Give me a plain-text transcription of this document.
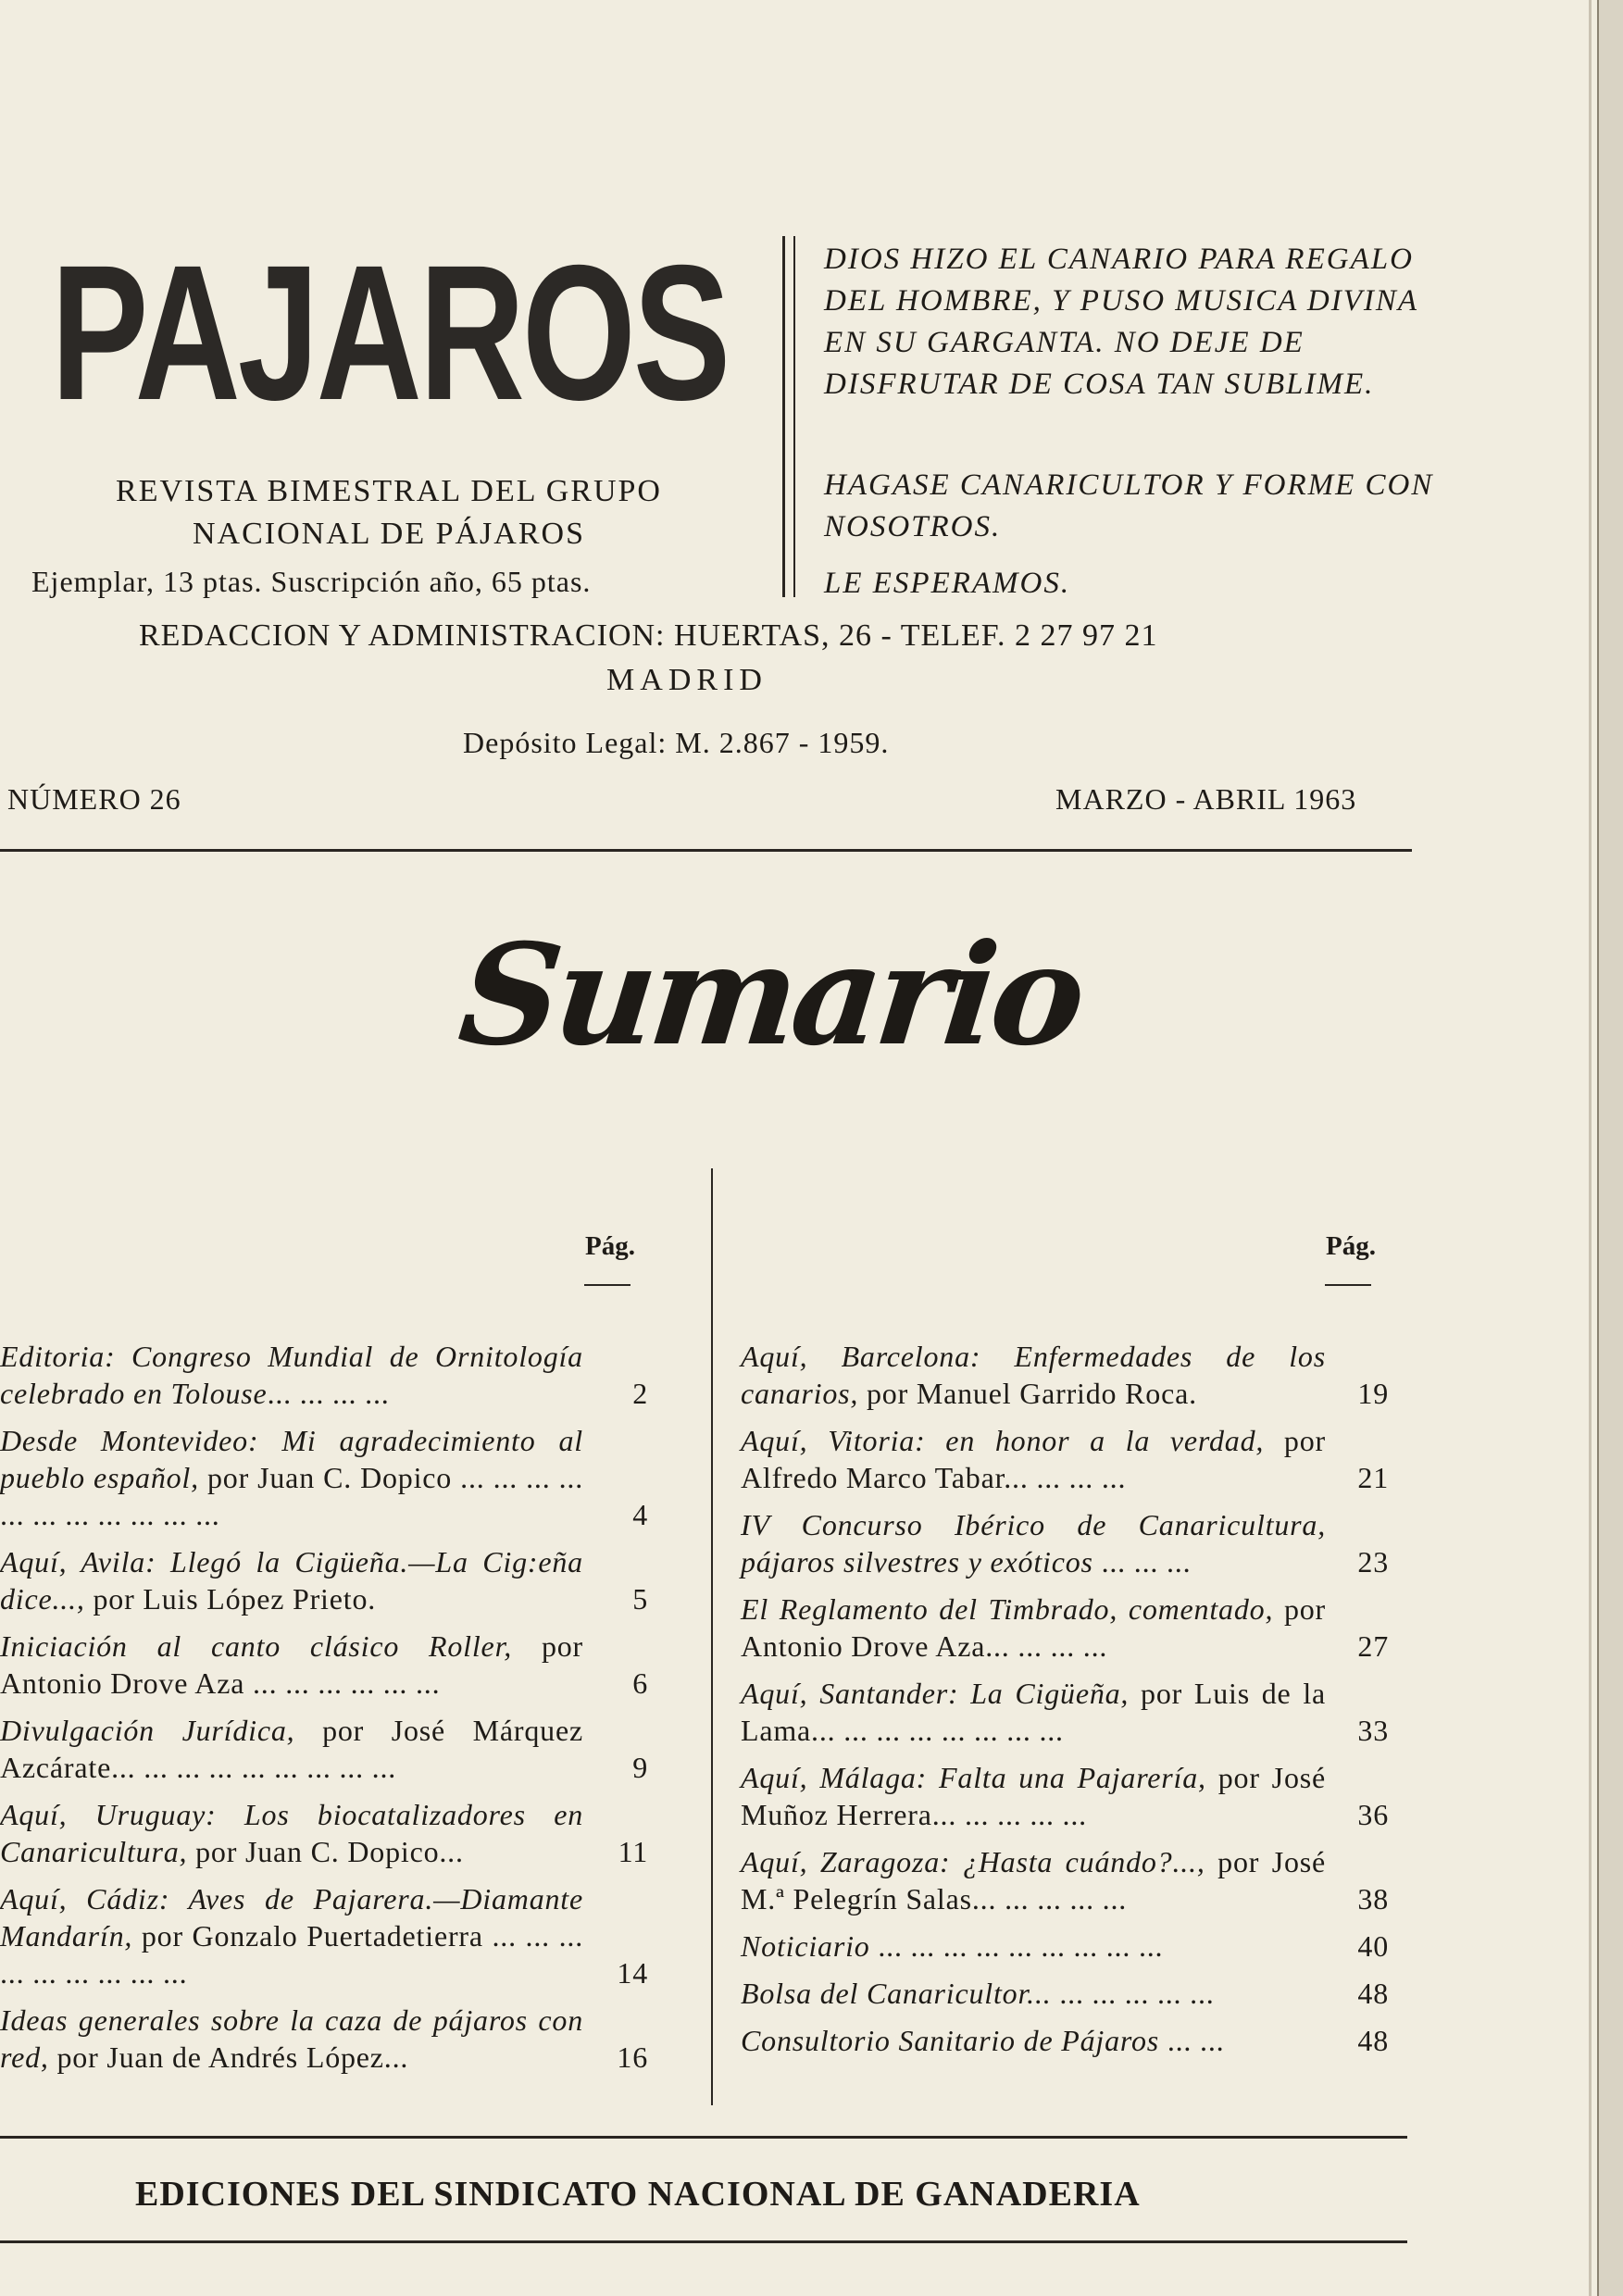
PAJAROS
REVISTA BIMESTRAL DEL GRUPO
NACIONAL DE PÁJAROS
Ejemplar, 13 ptas. Suscripción año, 65 ptas.
DIOS HIZO EL CANARIO PARA REGALO DEL HOMBRE, Y PUSO MUSICA DIVINA EN SU GARGANTA. NO DEJE DE DISFRUTAR DE COSA TAN SUBLIME.
HAGASE CANARICULTOR Y FORME CON NOSOTROS.
LE ESPERAMOS.
REDACCION Y ADMINISTRACION: HUERTAS, 26 - TELEF. 2 27 97 21
MADRID
Depósito Legal: M. 2.867 - 1959.
NÚMERO 26	MARZO - ABRIL 1963
Sumario
Pág.	Pág.
Editoria: Congreso Mundial de Ornitología celebrado en Tolouse... ... ... ...	2
Desde Montevideo: Mi agradecimiento al pueblo español, por Juan C. Dopico ... ... ... ... ... ... ... ... ... ... ...	4
Aquí, Avila: Llegó la Cigüeña.—La Cig:eña dice..., por Luis López Prieto.	5
Iniciación al canto clásico Roller, por Antonio Drove Aza ... ... ... ... ... ...	6
Divulgación Jurídica, por José Márquez Azcárate... ... ... ... ... ... ... ... ...	9
Aquí, Uruguay: Los biocatalizadores en Canaricultura, por Juan C. Dopico...	11
Aquí, Cádiz: Aves de Pajarera.—Diamante Mandarín, por Gonzalo Puertadetierra ... ... ... ... ... ... ... ... ...	14
Ideas generales sobre la caza de pájaros con red, por Juan de Andrés López...	16
Aquí, Barcelona: Enfermedades de los canarios, por Manuel Garrido Roca.	19
Aquí, Vitoria: en honor a la verdad, por Alfredo Marco Tabar... ... ... ...	21
IV Concurso Ibérico de Canaricultura, pájaros silvestres y exóticos ... ... ...	23
El Reglamento del Timbrado, comentado, por Antonio Drove Aza... ... ... ...	27
Aquí, Santander: La Cigüeña, por Luis de la Lama... ... ... ... ... ... ... ...	33
Aquí, Málaga: Falta una Pajarería, por José Muñoz Herrera... ... ... ... ...	36
Aquí, Zaragoza: ¿Hasta cuándo?..., por José M.ª Pelegrín Salas... ... ... ... ...	38
Noticiario ... ... ... ... ... ... ... ... ...	40
Bolsa del Canaricultor... ... ... ... ... ...	48
Consultorio Sanitario de Pájaros ... ...	48
EDICIONES DEL SINDICATO NACIONAL DE GANADERIA
